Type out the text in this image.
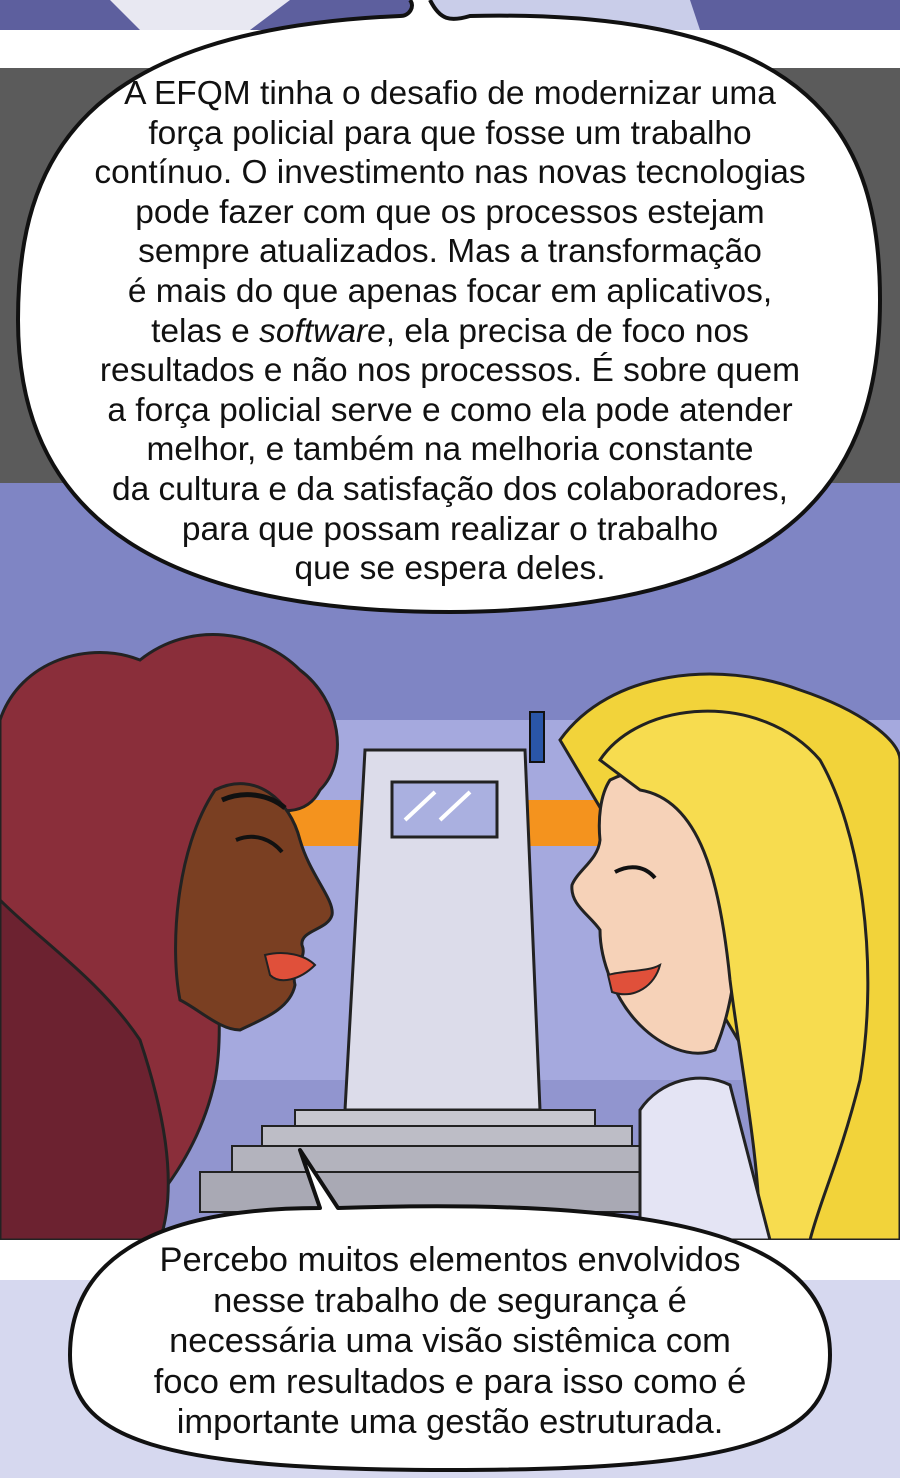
A EFQM tinha o desafio de modernizar uma
força policial para que fosse um trabalho
contínuo. O investimento nas novas tecnologias
pode fazer com que os processos estejam
sempre atualizados. Mas a transformação
é mais do que apenas focar em aplicativos,
telas e software, ela precisa de foco nos
resultados e não nos processos. É sobre quem
a força policial serve e como ela pode atender
melhor, e também na melhoria constante
da cultura e da satisfação dos colaboradores,
para que possam realizar o trabalho
que se espera deles.
Percebo muitos elementos envolvidos
nesse trabalho de segurança é
necessária uma visão sistêmica com
foco em resultados e para isso como é
importante uma gestão estruturada.
